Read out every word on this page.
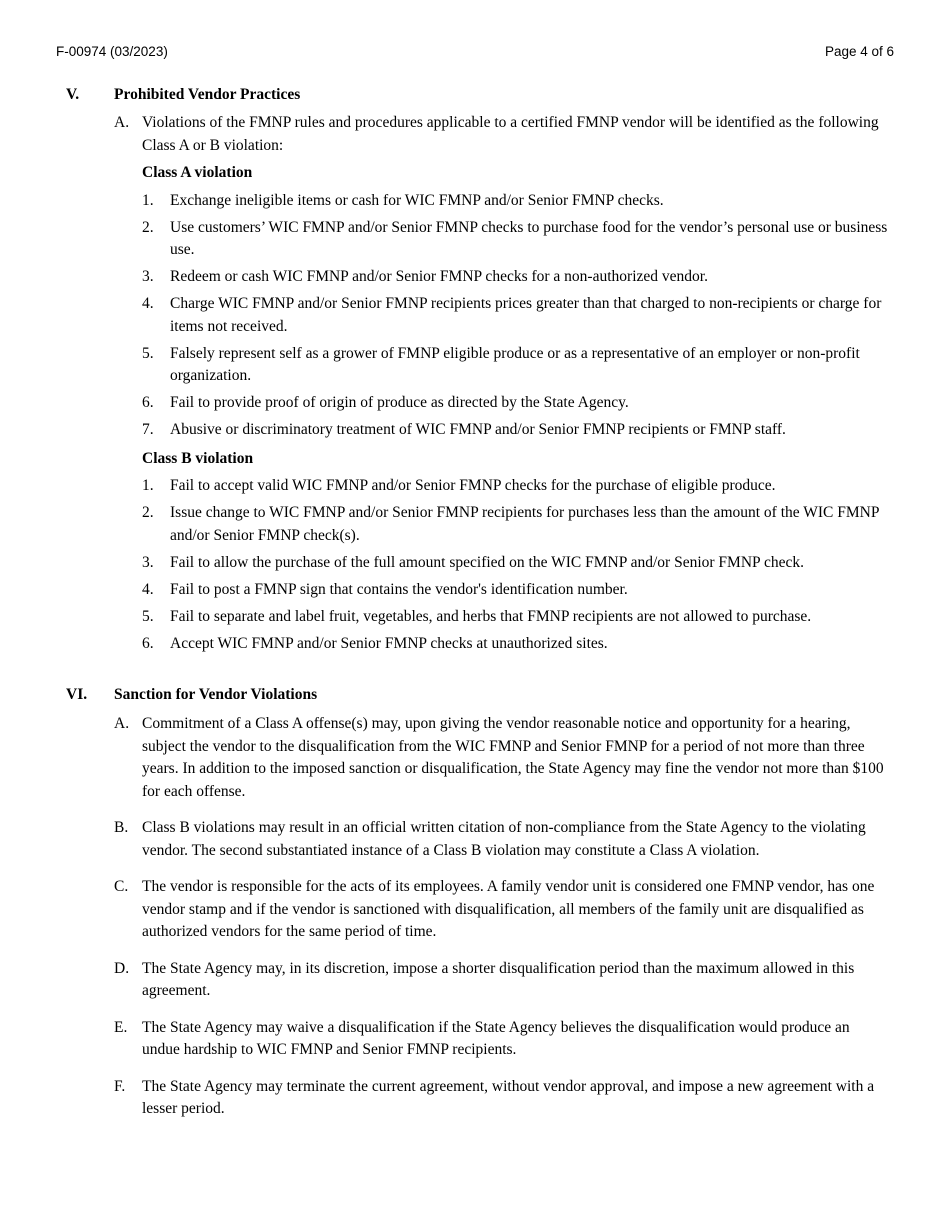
F-00974 (03/2023)	Page 4 of 6
V. Prohibited Vendor Practices
A. Violations of the FMNP rules and procedures applicable to a certified FMNP vendor will be identified as the following Class A or B violation:
Class A violation
1. Exchange ineligible items or cash for WIC FMNP and/or Senior FMNP checks.
2. Use customers’ WIC FMNP and/or Senior FMNP checks to purchase food for the vendor’s personal use or business use.
3. Redeem or cash WIC FMNP and/or Senior FMNP checks for a non-authorized vendor.
4. Charge WIC FMNP and/or Senior FMNP recipients prices greater than that charged to non-recipients or charge for items not received.
5. Falsely represent self as a grower of FMNP eligible produce or as a representative of an employer or non-profit organization.
6. Fail to provide proof of origin of produce as directed by the State Agency.
7. Abusive or discriminatory treatment of WIC FMNP and/or Senior FMNP recipients or FMNP staff.
Class B violation
1. Fail to accept valid WIC FMNP and/or Senior FMNP checks for the purchase of eligible produce.
2. Issue change to WIC FMNP and/or Senior FMNP recipients for purchases less than the amount of the WIC FMNP and/or Senior FMNP check(s).
3. Fail to allow the purchase of the full amount specified on the WIC FMNP and/or Senior FMNP check.
4. Fail to post a FMNP sign that contains the vendor's identification number.
5. Fail to separate and label fruit, vegetables, and herbs that FMNP recipients are not allowed to purchase.
6. Accept WIC FMNP and/or Senior FMNP checks at unauthorized sites.
VI. Sanction for Vendor Violations
A. Commitment of a Class A offense(s) may, upon giving the vendor reasonable notice and opportunity for a hearing, subject the vendor to the disqualification from the WIC FMNP and Senior FMNP for a period of not more than three years. In addition to the imposed sanction or disqualification, the State Agency may fine the vendor not more than $100 for each offense.
B. Class B violations may result in an official written citation of non-compliance from the State Agency to the violating vendor. The second substantiated instance of a Class B violation may constitute a Class A violation.
C. The vendor is responsible for the acts of its employees. A family vendor unit is considered one FMNP vendor, has one vendor stamp and if the vendor is sanctioned with disqualification, all members of the family unit are disqualified as authorized vendors for the same period of time.
D. The State Agency may, in its discretion, impose a shorter disqualification period than the maximum allowed in this agreement.
E. The State Agency may waive a disqualification if the State Agency believes the disqualification would produce an undue hardship to WIC FMNP and Senior FMNP recipients.
F. The State Agency may terminate the current agreement, without vendor approval, and impose a new agreement with a lesser period.
